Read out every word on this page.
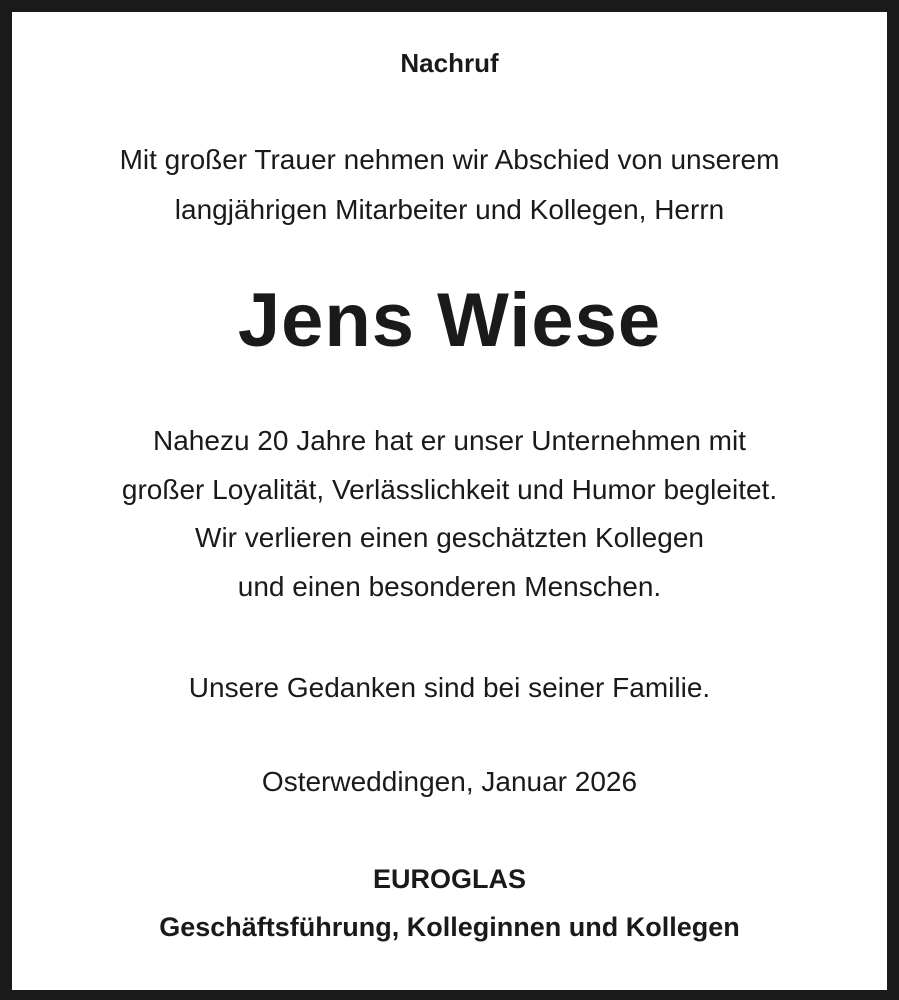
Nachruf
Mit großer Trauer nehmen wir Abschied von unserem
langjährigen Mitarbeiter und Kollegen, Herrn
Jens Wiese
Nahezu 20 Jahre hat er unser Unternehmen mit
großer Loyalität, Verlässlichkeit und Humor begleitet.
Wir verlieren einen geschätzten Kollegen
und einen besonderen Menschen.
Unsere Gedanken sind bei seiner Familie.
Osterweddingen, Januar 2026
EUROGLAS
Geschäftsführung, Kolleginnen und Kollegen
